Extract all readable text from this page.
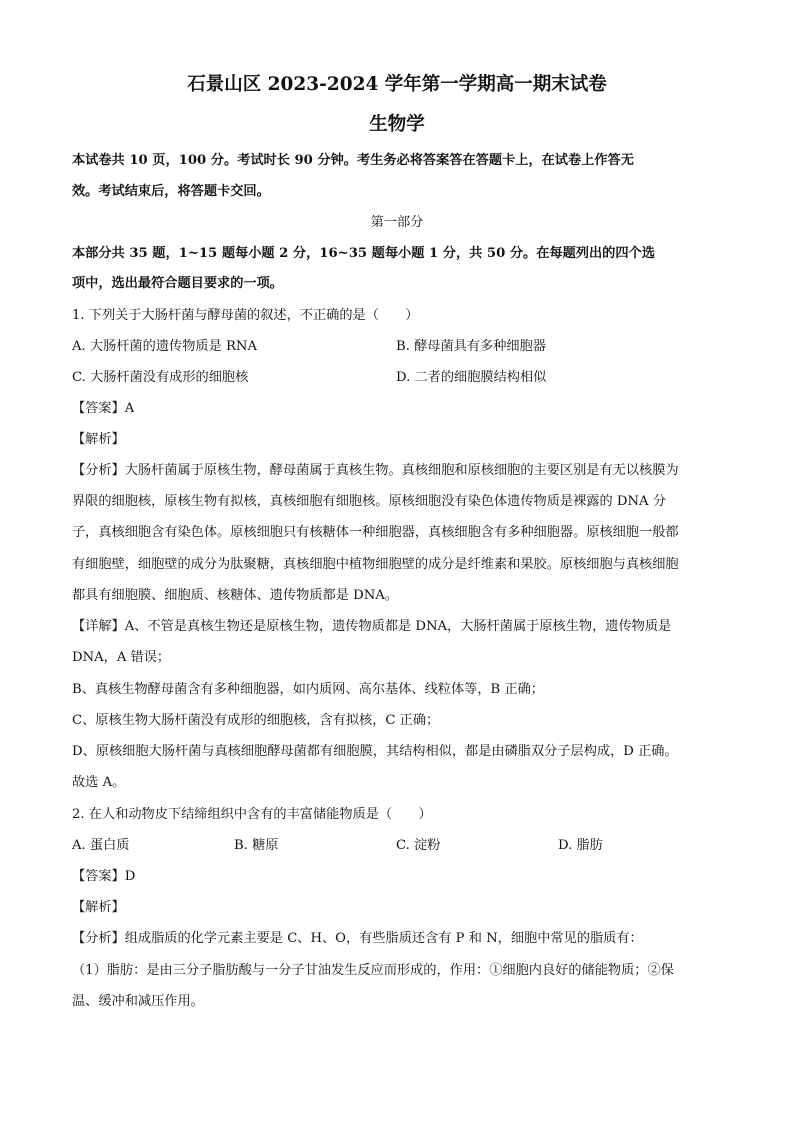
石景山区 2023-2024 学年第一学期高一期末试卷
生物学
本试卷共 10 页，100 分。考试时长 90 分钟。考生务必将答案答在答题卡上，在试卷上作答无
效。考试结束后，将答题卡交回。
第一部分
本部分共 35 题，1~15 题每小题 2 分，16~35 题每小题 1 分，共 50 分。在每题列出的四个选
项中，选出最符合题目要求的一项。
1. 下列关于大肠杆菌与酵母菌的叙述，不正确的是（　　）
A. 大肠杆菌的遗传物质是 RNA	B. 酵母菌具有多种细胞器
C. 大肠杆菌没有成形的细胞核	D. 二者的细胞膜结构相似
【答案】A
【解析】
【分析】大肠杆菌属于原核生物，酵母菌属于真核生物。真核细胞和原核细胞的主要区别是有无以核膜为
界限的细胞核，原核生物有拟核，真核细胞有细胞核。原核细胞没有染色体遗传物质是裸露的 DNA 分
子，真核细胞含有染色体。原核细胞只有核糖体一种细胞器，真核细胞含有多种细胞器。原核细胞一般都
有细胞壁，细胞壁的成分为肽聚糖，真核细胞中植物细胞壁的成分是纤维素和果胶。原核细胞与真核细胞
都具有细胞膜、细胞质、核糖体、遗传物质都是 DNA。
【详解】A、不管是真核生物还是原核生物，遗传物质都是 DNA，大肠杆菌属于原核生物，遗传物质是
DNA，A 错误；
B、真核生物酵母菌含有多种细胞器，如内质网、高尔基体、线粒体等，B 正确；
C、原核生物大肠杆菌没有成形的细胞核，含有拟核，C 正确；
D、原核细胞大肠杆菌与真核细胞酵母菌都有细胞膜，其结构相似，都是由磷脂双分子层构成，D 正确。
故选 A。
2. 在人和动物皮下结缔组织中含有的丰富储能物质是（　　）
A. 蛋白质	B. 糖原	C. 淀粉	D. 脂肪
【答案】D
【解析】
【分析】组成脂质的化学元素主要是 C、H、O，有些脂质还含有 P 和 N，细胞中常见的脂质有：
（1）脂肪：是由三分子脂肪酸与一分子甘油发生反应而形成的，作用：①细胞内良好的储能物质；②保
温、缓冲和减压作用。
